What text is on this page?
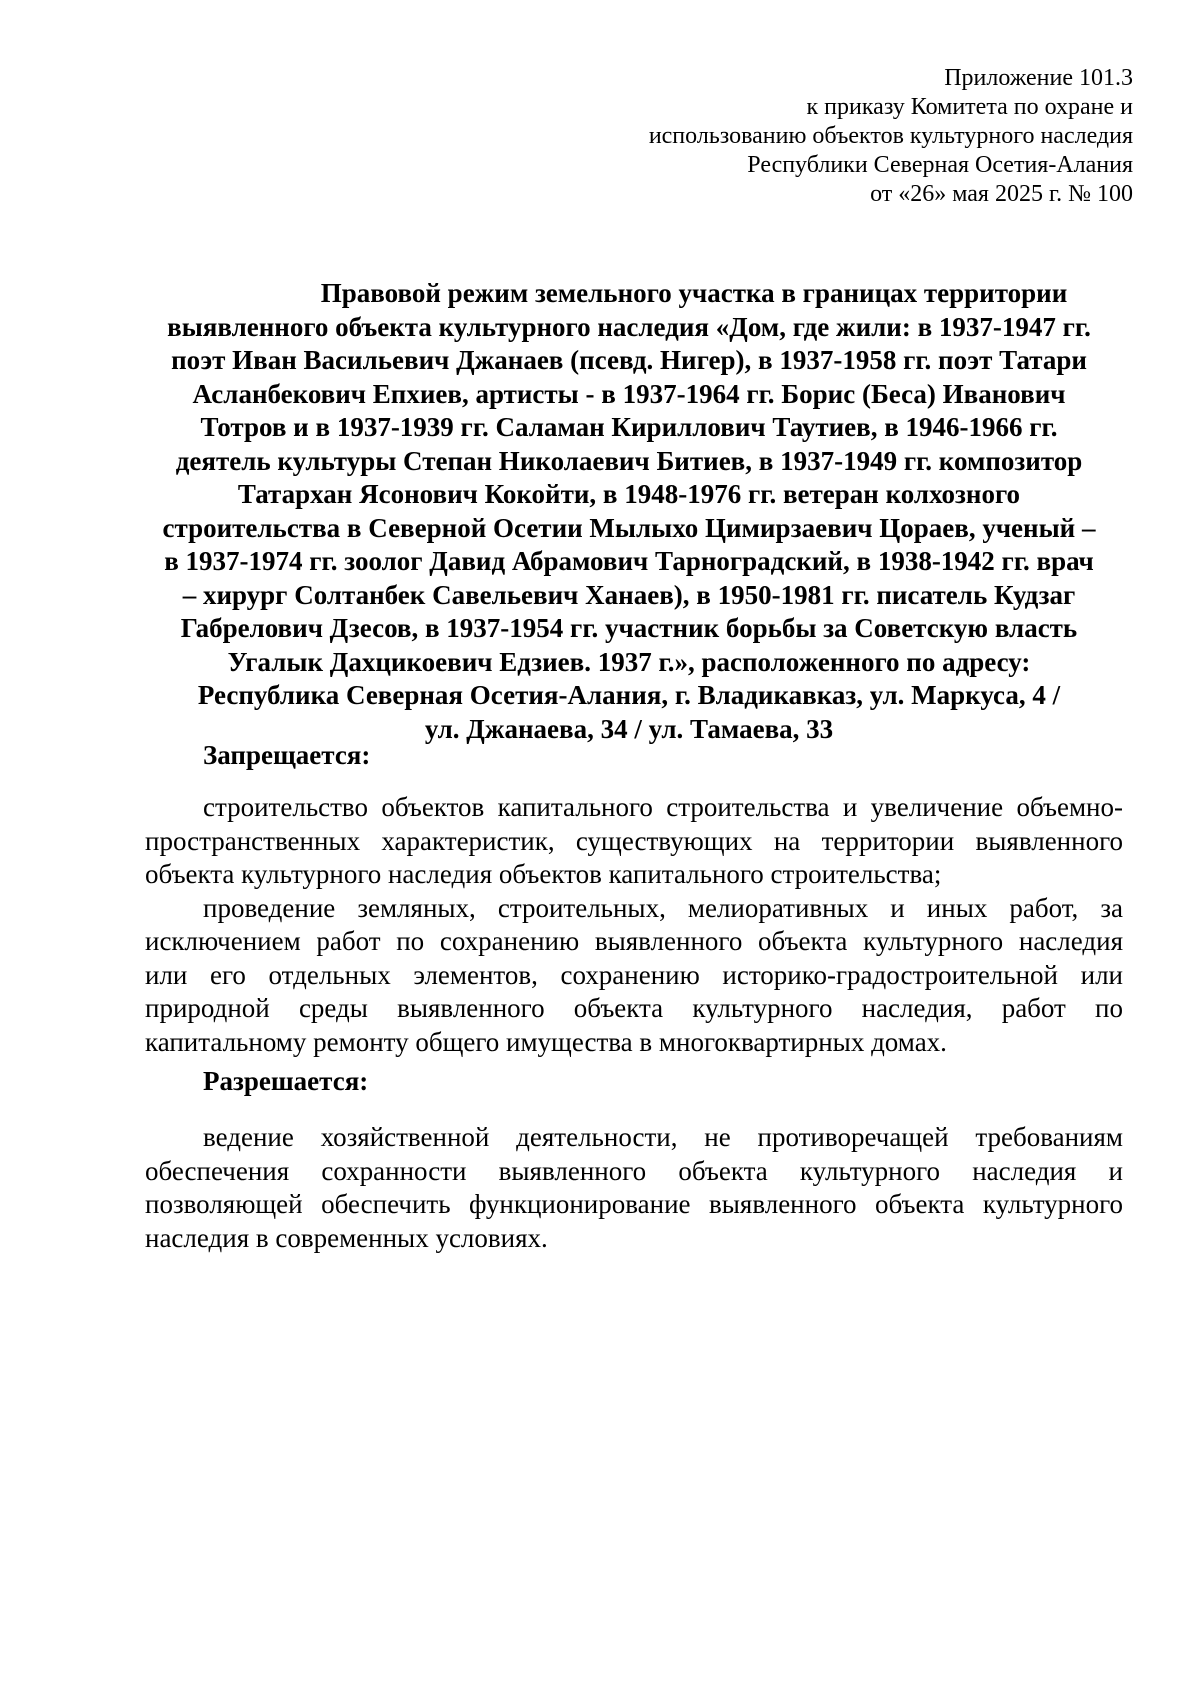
Приложение 101.3
к приказу Комитета по охране и
использованию объектов культурного наследия
Республики Северная Осетия-Алания
от «26» мая 2025 г. № 100
Правовой режим земельного участка в границах территории
выявленного объекта культурного наследия «Дом, где жили: в 1937-1947 гг.
поэт Иван Васильевич Джанаев (псевд. Нигер), в 1937-1958 гг. поэт Татари
Асланбекович Епхиев, артисты - в 1937-1964 гг. Борис (Беса) Иванович
Тотров и в 1937-1939 гг. Саламан Кириллович Таутиев, в 1946-1966 гг.
деятель культуры Степан Николаевич Битиев, в 1937-1949 гг. композитор
Татархан Ясонович Кокойти, в 1948-1976 гг. ветеран колхозного
строительства в Северной Осетии Мылыхо Цимирзаевич Цораев, ученый –
в 1937-1974 гг. зоолог Давид Абрамович Тарноградский, в 1938-1942 гг. врач
– хирург Солтанбек Савельевич Ханаев), в 1950-1981 гг. писатель Кудзаг
Габрелович Дзесов, в 1937-1954 гг. участник борьбы за Советскую власть
Угалык Дахцикоевич Едзиев. 1937 г.», расположенного по адресу:
Республика Северная Осетия-Алания, г. Владикавказ, ул. Маркуса, 4 /
ул. Джанаева, 34 / ул. Тамаева, 33
Запрещается:
строительство объектов капитального строительства и увеличение объемно-
пространственных характеристик, существующих на территории выявленного
объекта культурного наследия объектов капитального строительства;
проведение земляных, строительных, мелиоративных и иных работ, за
исключением работ по сохранению выявленного объекта культурного наследия
или его отдельных элементов, сохранению историко-градостроительной или
природной среды выявленного объекта культурного наследия, работ по
капитальному ремонту общего имущества в многоквартирных домах.
Разрешается:
ведение хозяйственной деятельности, не противоречащей требованиям
обеспечения сохранности выявленного объекта культурного наследия и
позволяющей обеспечить функционирование выявленного объекта культурного
наследия в современных условиях.
